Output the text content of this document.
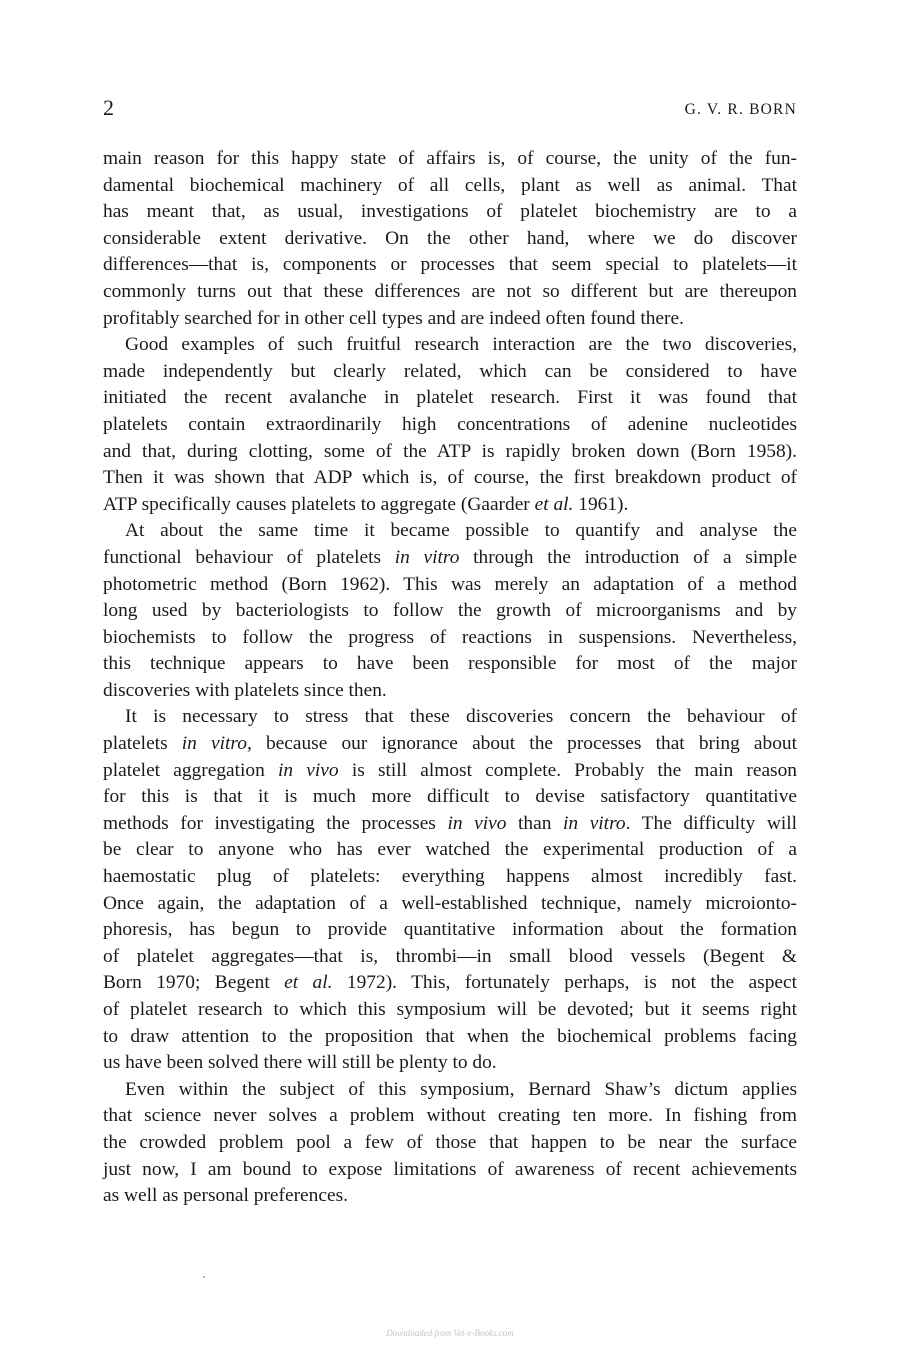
2	G. V. R. BORN
main reason for this happy state of affairs is, of course, the unity of the fun-
damental biochemical machinery of all cells, plant as well as animal. That
has meant that, as usual, investigations of platelet biochemistry are to a
considerable extent derivative. On the other hand, where we do discover
differences—that is, components or processes that seem special to platelets—it
commonly turns out that these differences are not so different but are thereupon
profitably searched for in other cell types and are indeed often found there.
Good examples of such fruitful research interaction are the two discoveries,
made independently but clearly related, which can be considered to have
initiated the recent avalanche in platelet research. First it was found that
platelets contain extraordinarily high concentrations of adenine nucleotides
and that, during clotting, some of the ATP is rapidly broken down (Born 1958).
Then it was shown that ADP which is, of course, the first breakdown product of
ATP specifically causes platelets to aggregate (Gaarder et al. 1961).
At about the same time it became possible to quantify and analyse the
functional behaviour of platelets in vitro through the introduction of a simple
photometric method (Born 1962). This was merely an adaptation of a method
long used by bacteriologists to follow the growth of microorganisms and by
biochemists to follow the progress of reactions in suspensions. Nevertheless,
this technique appears to have been responsible for most of the major
discoveries with platelets since then.
It is necessary to stress that these discoveries concern the behaviour of
platelets in vitro, because our ignorance about the processes that bring about
platelet aggregation in vivo is still almost complete. Probably the main reason
for this is that it is much more difficult to devise satisfactory quantitative
methods for investigating the processes in vivo than in vitro. The difficulty will
be clear to anyone who has ever watched the experimental production of a
haemostatic plug of platelets: everything happens almost incredibly fast.
Once again, the adaptation of a well-established technique, namely microionto-
phoresis, has begun to provide quantitative information about the formation
of platelet aggregates—that is, thrombi—in small blood vessels (Begent &
Born 1970; Begent et al. 1972). This, fortunately perhaps, is not the aspect
of platelet research to which this symposium will be devoted; but it seems right
to draw attention to the proposition that when the biochemical problems facing
us have been solved there will still be plenty to do.
Even within the subject of this symposium, Bernard Shaw’s dictum applies
that science never solves a problem without creating ten more. In fishing from
the crowded problem pool a few of those that happen to be near the surface
just now, I am bound to expose limitations of awareness of recent achievements
as well as personal preferences.
Downloaded from Vet-e-Books.com
